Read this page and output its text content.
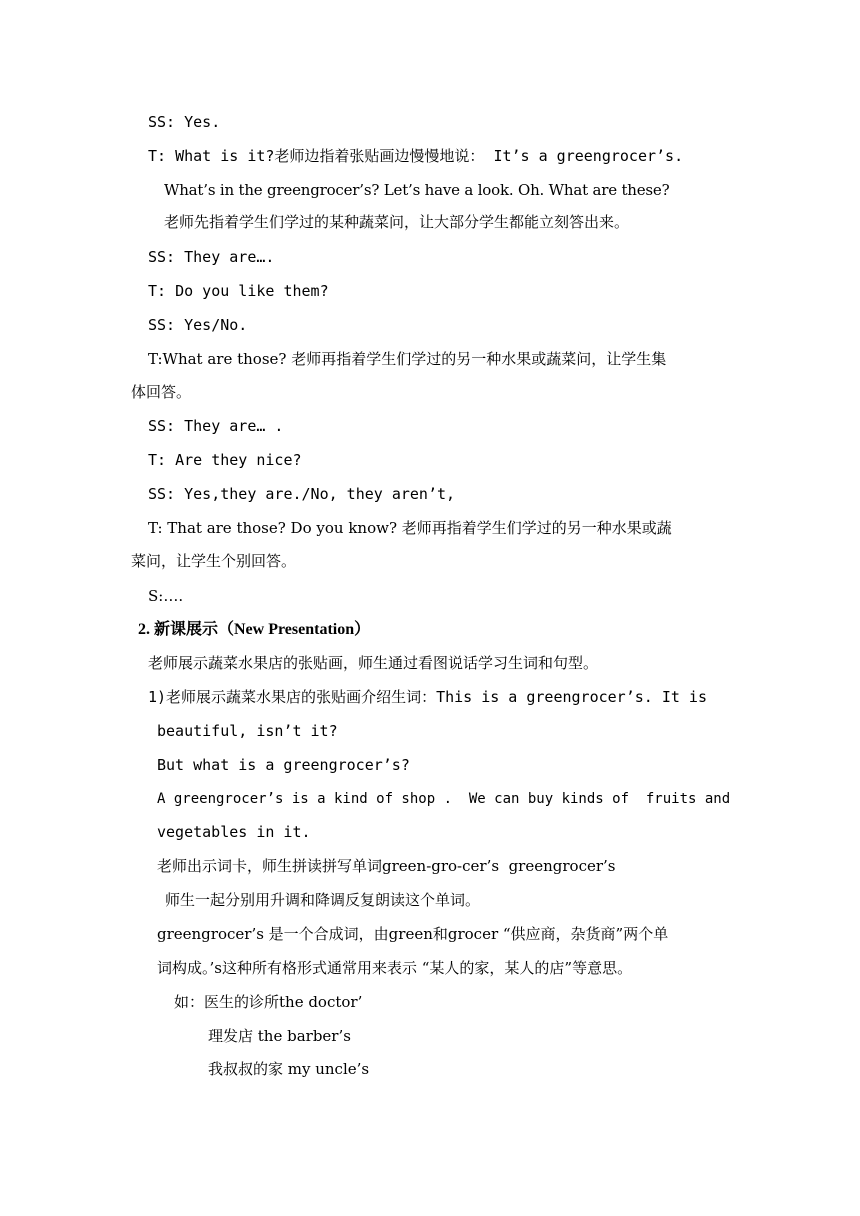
SS: Yes.
T: What is it?老师边指着张贴画边慢慢地说： It’s a greengrocer’s.
What’s in the greengrocer’s? Let’s have a look. Oh. What are these?
老师先指着学生们学过的某种蔬菜问，让大部分学生都能立刻答出来。
SS: They are….
T: Do you like them?
SS: Yes/No.
T:What are those? 老师再指着学生们学过的另一种水果或蔬菜问，让学生集
体回答。
SS: They are… .
T: Are they nice?
SS: Yes,they are./No, they aren’t,
T: That are those? Do you know? 老师再指着学生们学过的另一种水果或蔬
菜问，让学生个别回答。
S:….
2. 新课展示（New Presentation）
老师展示蔬菜水果店的张贴画，师生通过看图说话学习生词和句型。
1)老师展示蔬菜水果店的张贴画介绍生词：This is a greengrocer’s. It is
beautiful, isn’t it?
But what is a greengrocer’s?
A greengrocer’s is a kind of shop .  We can buy kinds of  fruits and
vegetables in it.
老师出示词卡，师生拼读拼写单词green-gro-cer’s  greengrocer’s
师生一起分别用升调和降调反复朗读这个单词。
greengrocer’s 是一个合成词，由green和grocer “供应商，杂货商”两个单
词构成。’s这种所有格形式通常用来表示 “某人的家，某人的店”等意思。
如：医生的诊所the doctor’
理发店 the barber’s
我叔叔的家 my uncle’s
